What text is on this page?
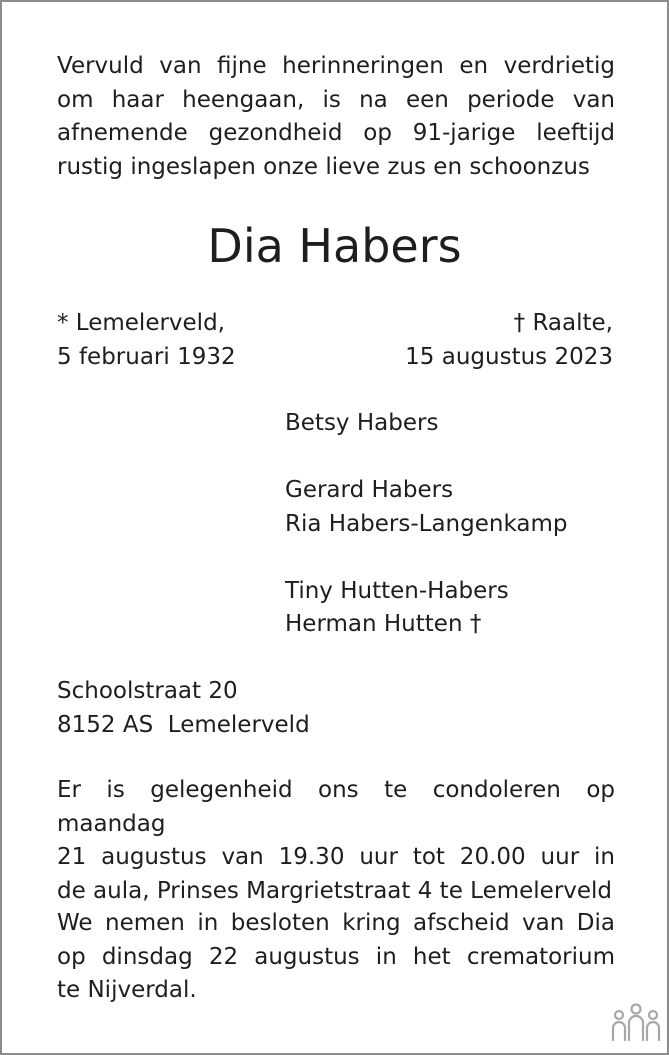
Vervuld van fijne herinneringen en verdrietig
om haar heengaan, is na een periode van
afnemende gezondheid op 91-jarige leeftijd
rustig ingeslapen onze lieve zus en schoonzus
Dia Habers
* Lemelerveld,
5 februari 1932
† Raalte,
15 augustus 2023
Betsy Habers
Gerard Habers
Ria Habers-Langenkamp
Tiny Hutten-Habers
Herman Hutten †
Schoolstraat 20
8152 AS  Lemelerveld
Er is gelegenheid ons te condoleren op maandag
21 augustus van 19.30 uur tot 20.00 uur in
de aula, Prinses Margrietstraat 4 te Lemelerveld
We nemen in besloten kring afscheid van Dia
op dinsdag 22 augustus in het crematorium
te Nijverdal.
